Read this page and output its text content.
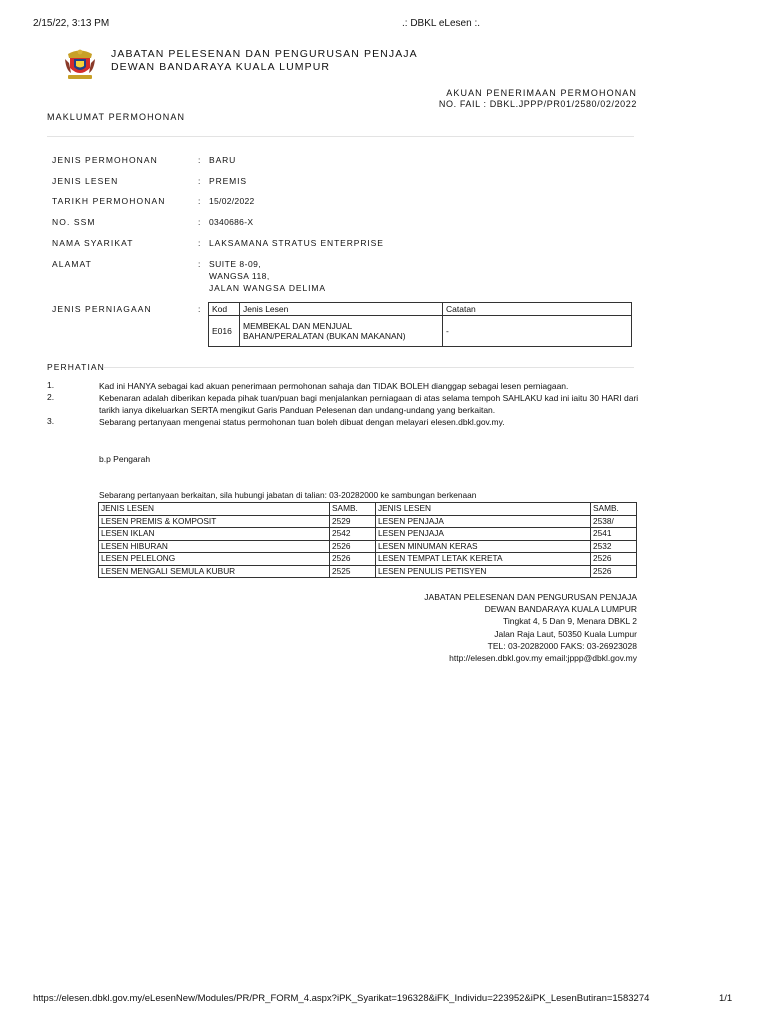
2/15/22, 3:13 PM	.: DBKL eLesen :.
JABATAN PELESENAN DAN PENGURUSAN PENJAJA
DEWAN BANDARAYA KUALA LUMPUR
AKUAN PENERIMAAN PERMOHONAN
NO. FAIL : DBKL.JPPP/PR01/2580/02/2022
MAKLUMAT PERMOHONAN
JENIS PERMOHONAN	: BARU
JENIS LESEN	: PREMIS
TARIKH PERMOHONAN	: 15/02/2022
NO. SSM	: 0340686-X
NAMA SYARIKAT	: LAKSAMANA STRATUS ENTERPRISE
ALAMAT	: SUITE 8-09,
WANGSA 118,
JALAN WANGSA DELIMA
JENIS PERNIAGAAN	: Kod	Jenis Lesen	Catatan
E016	MEMBEKAL DAN MENJUAL
BAHAN/PERALATAN (BUKAN MAKANAN)	-
PERHATIAN
1.	Kad ini HANYA sebagai kad akuan penerimaan permohonan sahaja dan TIDAK BOLEH dianggap sebagai lesen perniagaan.
2.	Kebenaran adalah diberikan kepada pihak tuan/puan bagi menjalankan perniagaan di atas selama tempoh SAHLAKU kad ini iaitu 30 HARI dari tarikh ianya dikeluarkan SERTA mengikut Garis Panduan Pelesenan dan undang-undang yang berkaitan.
3.	Sebarang pertanyaan mengenai status permohonan tuan boleh dibuat dengan melayari elesen.dbkl.gov.my.
b.p Pengarah
Sebarang pertanyaan berkaitan, sila hubungi jabatan di talian: 03-20282000 ke sambungan berkenaan
JENIS LESEN	SAMB.	JENIS LESEN	SAMB.
LESEN PREMIS & KOMPOSIT	2529	LESEN PENJAJA	2538/
LESEN IKLAN	2542	LESEN PENJAJA	2541
LESEN HIBURAN	2526	LESEN MINUMAN KERAS	2532
LESEN PELELONG	2526	LESEN TEMPAT LETAK KERETA	2526
LESEN MENGALI SEMULA KUBUR	2525	LESEN PENULIS PETISYEN	2526
JABATAN PELESENAN DAN PENGURUSAN PENJAJA
DEWAN BANDARAYA KUALA LUMPUR
Tingkat 4, 5 Dan 9, Menara DBKL 2
Jalan Raja Laut, 50350 Kuala Lumpur
TEL: 03-20282000 FAKS: 03-26923028
http://elesen.dbkl.gov.my email:jppp@dbkl.gov.my
https://elesen.dbkl.gov.my/eLesenNew/Modules/PR/PR_FORM_4.aspx?iPK_Syarikat=196328&iFK_Individu=223952&iPK_LesenButiran=1583274	1/1
